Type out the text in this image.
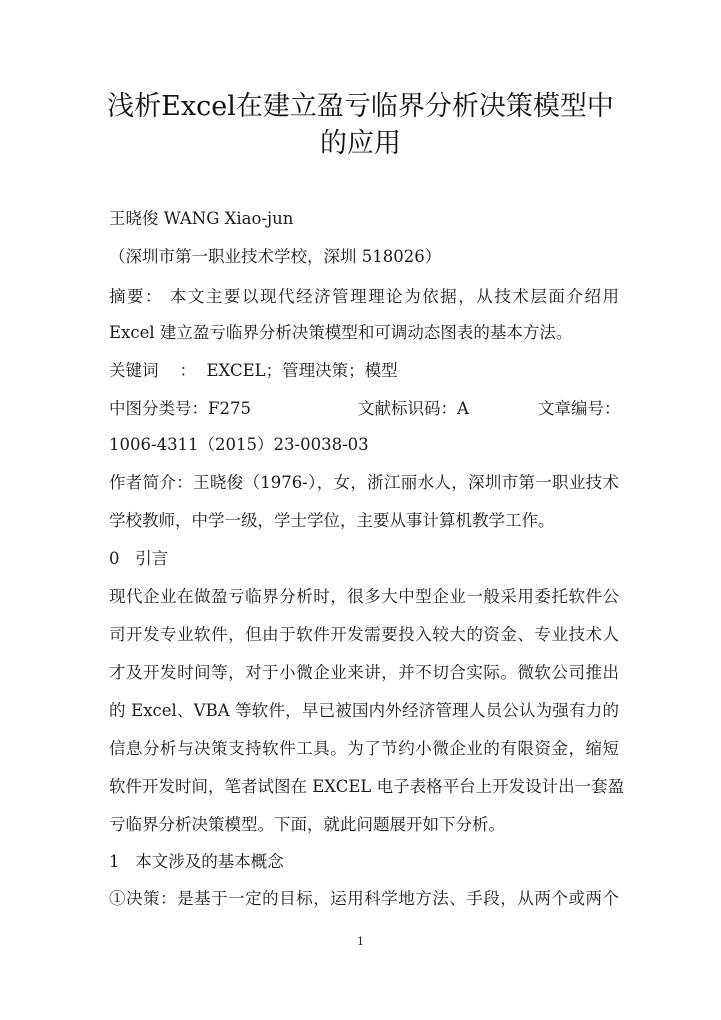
浅析Excel在建立盈亏临界分析决策模型中
的应用
王晓俊 WANG Xiao-jun
（深圳市第一职业技术学校，深圳 518026）
摘要： 本文主要以现代经济管理理论为依据，从技术层面介绍用
Excel 建立盈亏临界分析决策模型和可调动态图表的基本方法。
关键词    ：  EXCEL；管理决策；模型
中图分类号：F275	文献标识码：A	文章编号：
1006-4311（2015）23-0038-03
作者简介：王晓俊（1976-），女，浙江丽水人，深圳市第一职业技术
学校教师，中学一级，学士学位，主要从事计算机教学工作。
0   引言
现代企业在做盈亏临界分析时，很多大中型企业一般采用委托软件公
司开发专业软件，但由于软件开发需要投入较大的资金、专业技术人
才及开发时间等，对于小微企业来讲，并不切合实际。微软公司推出
的 Excel、VBA 等软件，早已被国内外经济管理人员公认为强有力的
信息分析与决策支持软件工具。为了节约小微企业的有限资金，缩短
软件开发时间，笔者试图在 EXCEL 电子表格平台上开发设计出一套盈
亏临界分析决策模型。下面，就此问题展开如下分析。
1   本文涉及的基本概念
①决策：是基于一定的目标，运用科学地方法、手段，从两个或两个
1
